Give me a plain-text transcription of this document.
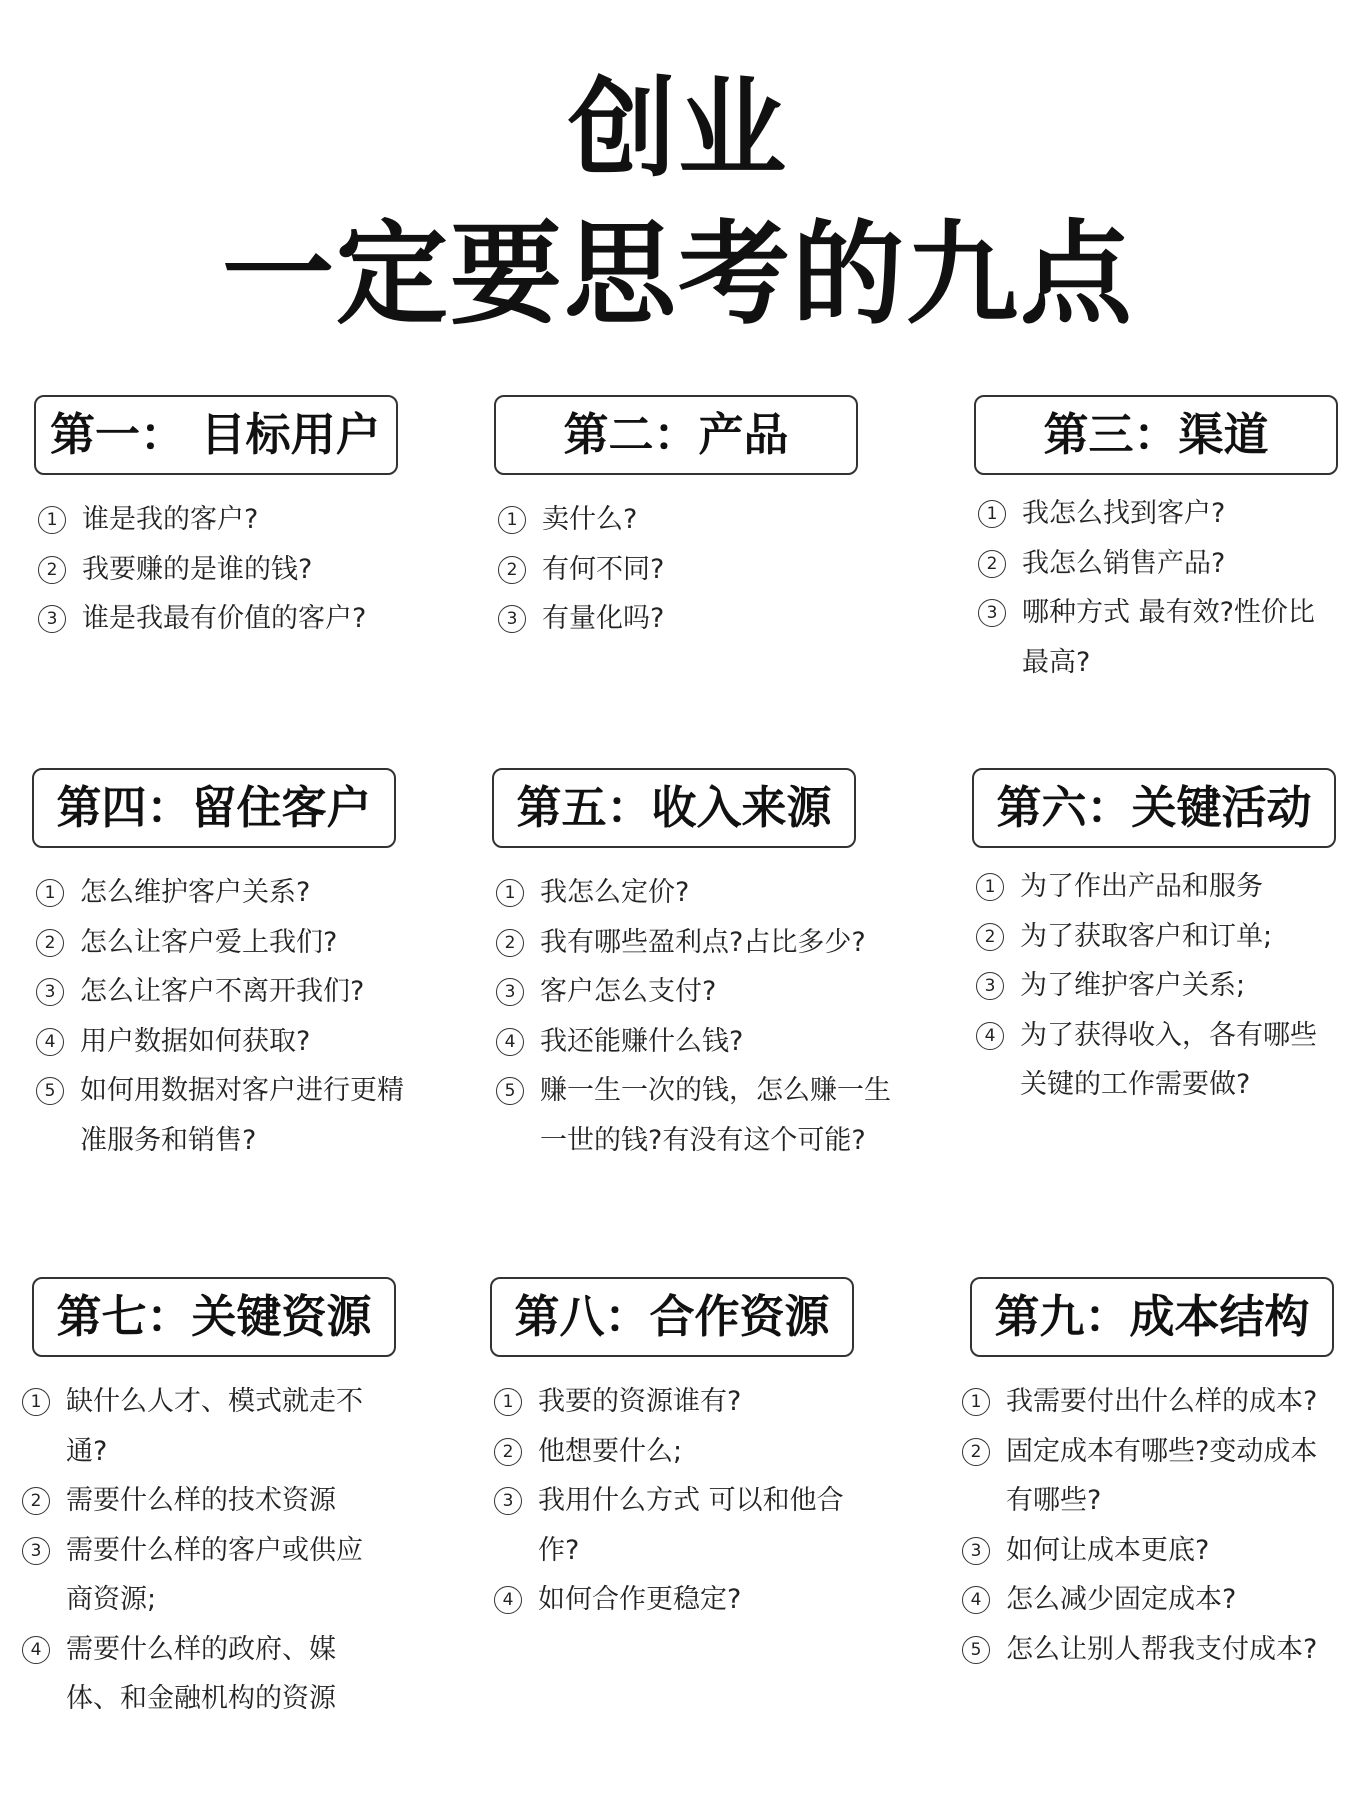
创业
一定要思考的九点
第一： 目标用户
1 谁是我的客户?
2 我要赚的是谁的钱?
3 谁是我最有价值的客户?
第二：产品
1 卖什么?
2 有何不同?
3 有量化吗?
第三：渠道
1 我怎么找到客户?
2 我怎么销售产品?
3 哪种方式 最有效?性价比最高?
第四：留住客户
1 怎么维护客户关系?
2 怎么让客户爱上我们?
3 怎么让客户不离开我们?
4 用户数据如何获取?
5 如何用数据对客户进行更精准服务和销售?
第五：收入来源
1 我怎么定价?
2 我有哪些盈利点?占比多少?
3 客户怎么支付?
4 我还能赚什么钱?
5 赚一生一次的钱，怎么赚一生一世的钱?有没有这个可能?
第六：关键活动
1 为了作出产品和服务
2 为了获取客户和订单;
3 为了维护客户关系;
4 为了获得收入，各有哪些关键的工作需要做?
第七：关键资源
1 缺什么人才、模式就走不通?
2 需要什么样的技术资源
3 需要什么样的客户或供应商资源;
4 需要什么样的政府、媒体、和金融机构的资源
第八：合作资源
1 我要的资源谁有?
2 他想要什么;
3 我用什么方式 可以和他合作?
4 如何合作更稳定?
第九：成本结构
1 我需要付出什么样的成本?
2 固定成本有哪些?变动成本有哪些?
3 如何让成本更底?
4 怎么减少固定成本?
5 怎么让别人帮我支付成本?
